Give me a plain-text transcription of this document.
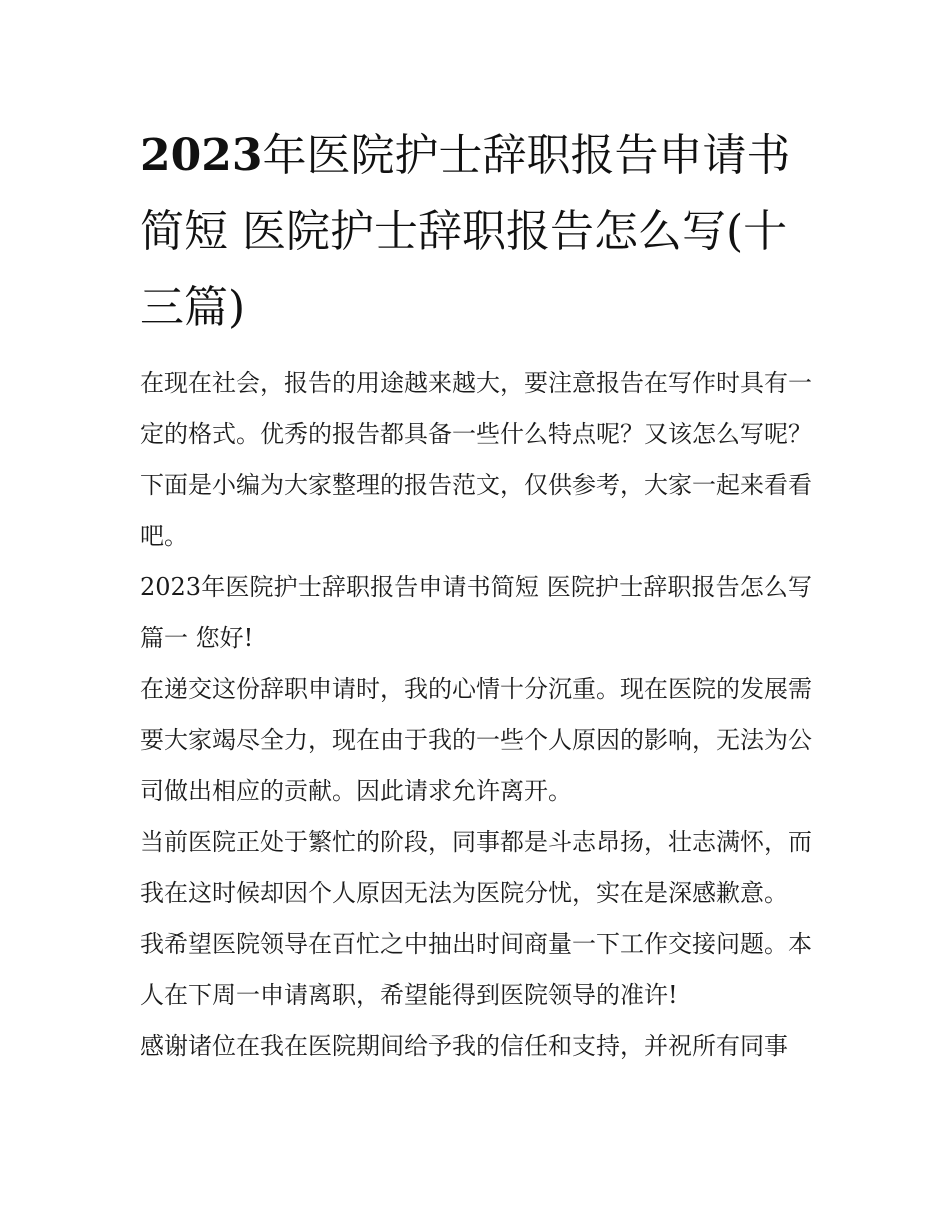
2023年医院护士辞职报告申请书简短 医院护士辞职报告怎么写(十三篇)

在现在社会，报告的用途越来越大，要注意报告在写作时具有一定的格式。优秀的报告都具备一些什么特点呢？又该怎么写呢？下面是小编为大家整理的报告范文，仅供参考，大家一起来看看吧。

2023年医院护士辞职报告申请书简短 医院护士辞职报告怎么写篇一 您好!

在递交这份辞职申请时，我的心情十分沉重。现在医院的发展需要大家竭尽全力，现在由于我的一些个人原因的影响，无法为公司做出相应的贡献。因此请求允许离开。

当前医院正处于繁忙的阶段，同事都是斗志昂扬，壮志满怀，而我在这时候却因个人原因无法为医院分忧，实在是深感歉意。

我希望医院领导在百忙之中抽出时间商量一下工作交接问题。本人在下周一申请离职，希望能得到医院领导的准许!

感谢诸位在我在医院期间给予我的信任和支持，并祝所有同事
